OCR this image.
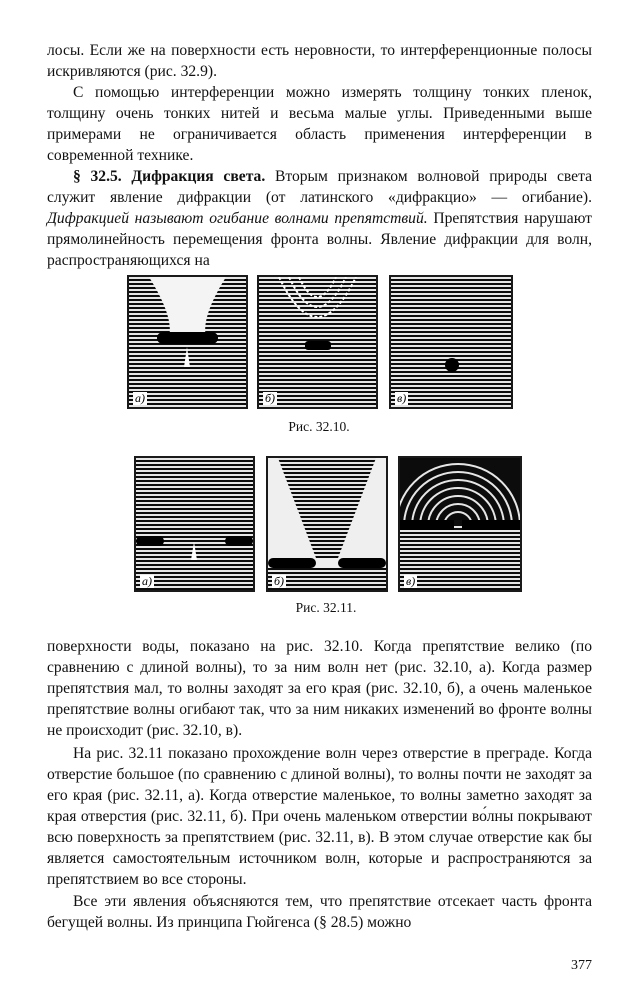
лосы. Если же на поверхности есть неровности, то интерференционные полосы искривляются (рис. 32.9).

С помощью интерференции можно измерять толщину тонких пленок, толщину очень тонких нитей и весьма малые углы. Приведенными выше примерами не ограничивается область применения интерференции в современной технике.

§ 32.5. Дифракция света. Вторым признаком волновой природы света служит явление дифракции (от латинского «дифракцио» — огибание). Дифракцией называют огибание волнами препятствий. Препятствия нарушают прямолинейность перемещения фронта волны. Явление дифракции для волн, распространяющихся на

а)	б)	в)
Рис. 32.10.
а)	б)	в)
Рис. 32.11.

поверхности воды, показано на рис. 32.10. Когда препятствие велико (по сравнению с длиной волны), то за ним волн нет (рис. 32.10, а). Когда размер препятствия мал, то волны заходят за его края (рис. 32.10, б), а очень маленькое препятствие волны огибают так, что за ним никаких изменений во фронте волны не происходит (рис. 32.10, в).

На рис. 32.11 показано прохождение волн через отверстие в преграде. Когда отверстие большое (по сравнению с длиной волны), то волны почти не заходят за его края (рис. 32.11, а). Когда отверстие маленькое, то волны заметно заходят за края отверстия (рис. 32.11, б). При очень маленьком отверстии во́лны покрывают всю поверхность за препятствием (рис. 32.11, в). В этом случае отверстие как бы является самостоятельным источником волн, которые и распространяются за препятствием во все стороны.

Все эти явления объясняются тем, что препятствие отсекает часть фронта бегущей волны. Из принципа Гюйгенса (§ 28.5) можно

377
